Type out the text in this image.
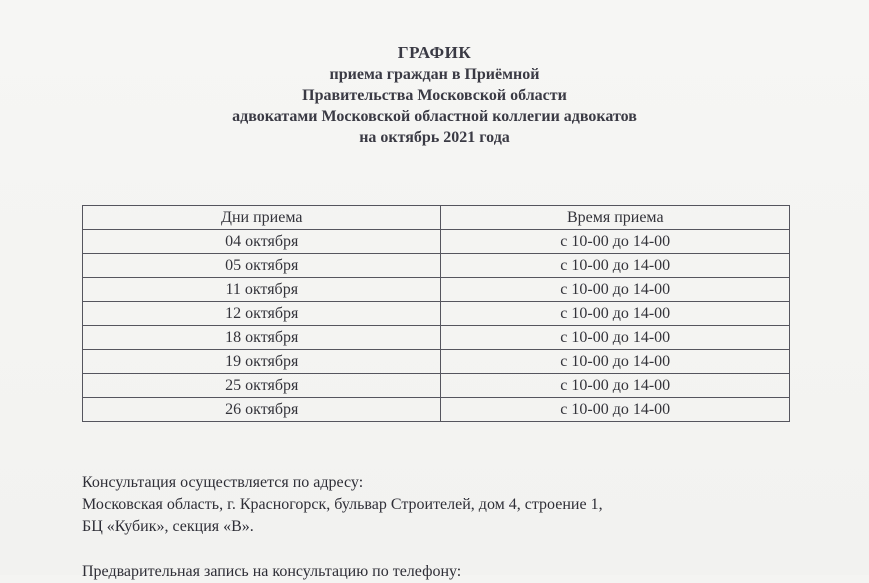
ГРАФИК
приема граждан в Приёмной
Правительства Московской области
адвокатами Московской областной коллегии адвокатов
на октябрь 2021 года
Дни приема	Время приема
04 октября	с 10-00 до 14-00
05 октября	с 10-00 до 14-00
11 октября	с 10-00 до 14-00
12 октября	с 10-00 до 14-00
18 октября	с 10-00 до 14-00
19 октября	с 10-00 до 14-00
25 октября	с 10-00 до 14-00
26 октября	с 10-00 до 14-00
Консультация осуществляется по адресу:
Московская область, г. Красногорск, бульвар Строителей, дом 4, строение 1,
БЦ «Кубик», секция «В».
Предварительная запись на консультацию по телефону:
